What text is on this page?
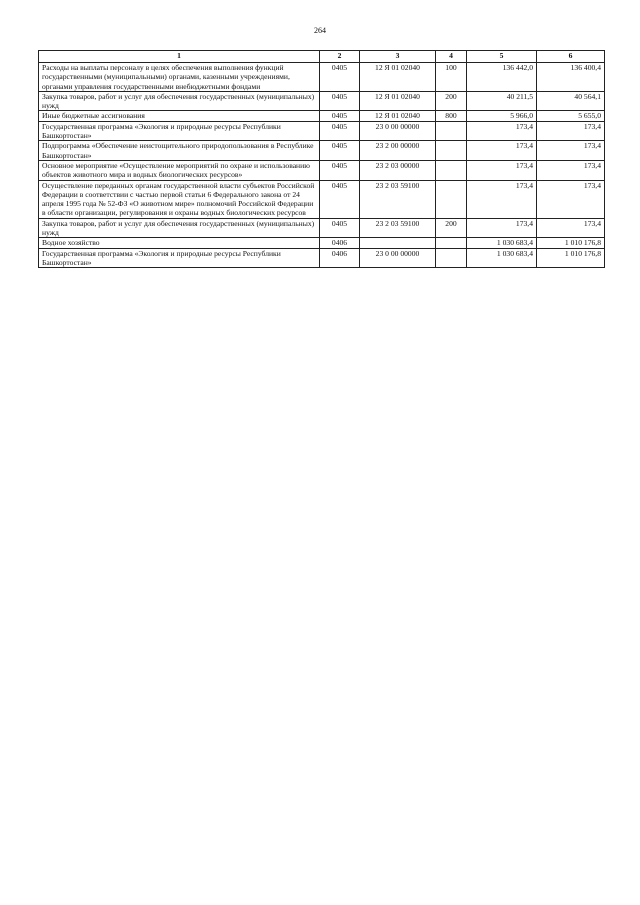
264
1	2	3	4	5	6
Расходы на выплаты персоналу в целях обеспечения выполнения функций государственными (муниципальными) органами, казенными учреждениями, органами управления государственными внебюджетными фондами	0405	12 Я 01 02040	100	136 442,0	136 400,4
Закупка товаров, работ и услуг для обеспечения государственных (муниципальных) нужд	0405	12 Я 01 02040	200	40 211,5	40 564,1
Иные бюджетные ассигнования	0405	12 Я 01 02040	800	5 966,0	5 655,0
Государственная программа «Экология и природные ресурсы Республики Башкортостан»	0405	23 0 00 00000		173,4	173,4
Подпрограмма «Обеспечение неистощительного природопользования в Республике Башкортостан»	0405	23 2 00 00000		173,4	173,4
Основное мероприятие «Осуществление мероприятий по охране и использованию объектов животного мира и водных биологических ресурсов»	0405	23 2 03 00000		173,4	173,4
Осуществление переданных органам государственной власти субъектов Российской Федерации в соответствии с частью первой статьи 6 Федерального закона от 24 апреля 1995 года № 52-ФЗ «О животном мире» полномочий Российской Федерации в области организации, регулирования и охраны водных биологических ресурсов	0405	23 2 03 59100		173,4	173,4
Закупка товаров, работ и услуг для обеспечения государственных (муниципальных) нужд	0405	23 2 03 59100	200	173,4	173,4
Водное хозяйство	0406			1 030 683,4	1 010 176,8
Государственная программа «Экология и природные ресурсы Республики Башкортостан»	0406	23 0 00 00000		1 030 683,4	1 010 176,8
